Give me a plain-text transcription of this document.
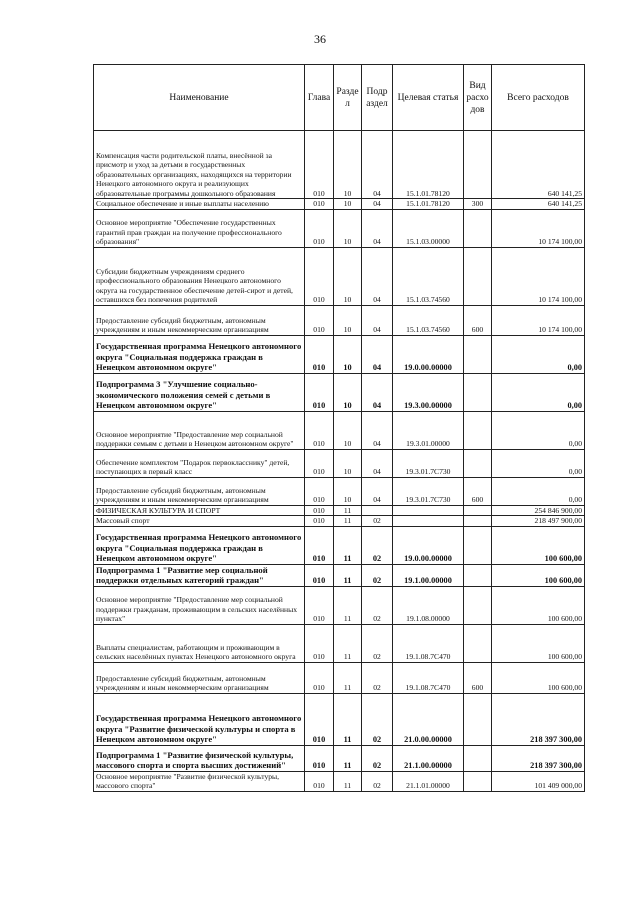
36
Наименование	Глава	Разде л	Подр аздел	Целевая статья	Вид расхо дов	Всего расходов
Компенсация части родительской платы, внесённой за присмотр и уход за детьми в государственных образовательных организациях, находящихся на территории Ненецкого автономного округа и реализующих образовательные программы дошкольного образования	010	10	04	15.1.01.78120		640 141,25
Социальное обеспечение и иные выплаты населению	010	10	04	15.1.01.78120	300	640 141,25
Основное мероприятие "Обеспечение государственных гарантий прав граждан на получение профессионального образования"	010	10	04	15.1.03.00000		10 174 100,00
Субсидии бюджетным учреждениям среднего профессионального образования Ненецкого автономного округа на государственное обеспечение детей-сирот и детей, оставшихся без попечения родителей	010	10	04	15.1.03.74560		10 174 100,00
Предоставление субсидий бюджетным, автономным учреждениям и иным некоммерческим организациям	010	10	04	15.1.03.74560	600	10 174 100,00
Государственная программа Ненецкого автономного округа "Социальная поддержка граждан в Ненецком автономном округе"	010	10	04	19.0.00.00000		0,00
Подпрограмма 3 "Улучшение социально-экономического положения семей с детьми в Ненецком автономном округе"	010	10	04	19.3.00.00000		0,00
Основное мероприятие "Предоставление мер социальной поддержки семьям с детьми в Ненецком автономном округе"	010	10	04	19.3.01.00000		0,00
Обеспечение комплектом "Подарок первокласснику" детей, поступающих в первый класс	010	10	04	19.3.01.7C730		0,00
Предоставление субсидий бюджетным, автономным учреждениям и иным некоммерческим организациям	010	10	04	19.3.01.7C730	600	0,00
ФИЗИЧЕСКАЯ КУЛЬТУРА И СПОРТ	010	11				254 846 900,00
Массовый спорт	010	11	02			218 497 900,00
Государственная программа Ненецкого автономного округа "Социальная поддержка граждан в Ненецком автономном округе"	010	11	02	19.0.00.00000		100 600,00
Подпрограмма 1 "Развитие мер социальной поддержки отдельных категорий граждан"	010	11	02	19.1.00.00000		100 600,00
Основное мероприятие "Предоставление мер социальной поддержки гражданам, проживающим в сельских населённых пунктах"	010	11	02	19.1.08.00000		100 600,00
Выплаты специалистам, работающим и проживающим в сельских населённых пунктах Ненецкого автономного округа	010	11	02	19.1.08.7C470		100 600,00
Предоставление субсидий бюджетным, автономным учреждениям и иным некоммерческим организациям	010	11	02	19.1.08.7C470	600	100 600,00
Государственная программа Ненецкого автономного округа "Развитие физической культуры и спорта в Ненецком автономном округе"	010	11	02	21.0.00.00000		218 397 300,00
Подпрограмма 1 "Развитие физической культуры, массового спорта и спорта высших достижений"	010	11	02	21.1.00.00000		218 397 300,00
Основное мероприятие "Развитие физической культуры, массового спорта"	010	11	02	21.1.01.00000		101 409 000,00
